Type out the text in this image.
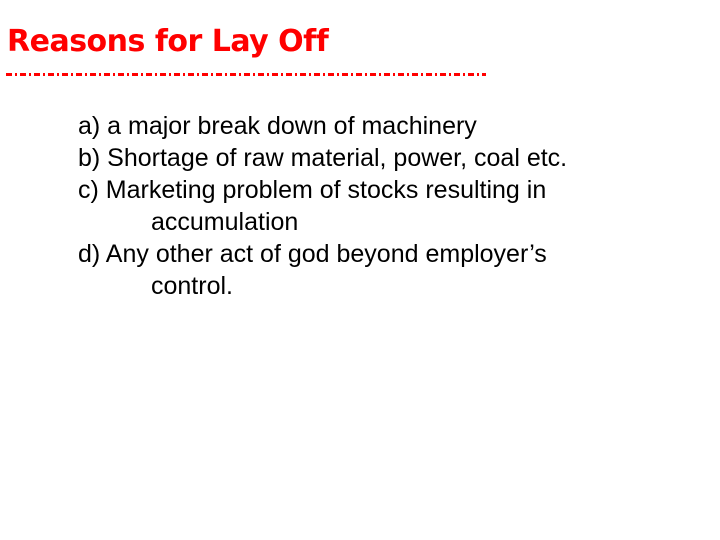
Reasons for Lay Off
a) a major break down of machinery
b) Shortage of raw material, power, coal etc.
c) Marketing problem of stocks resulting in
accumulation
d) Any other act of god beyond employer’s
control.
